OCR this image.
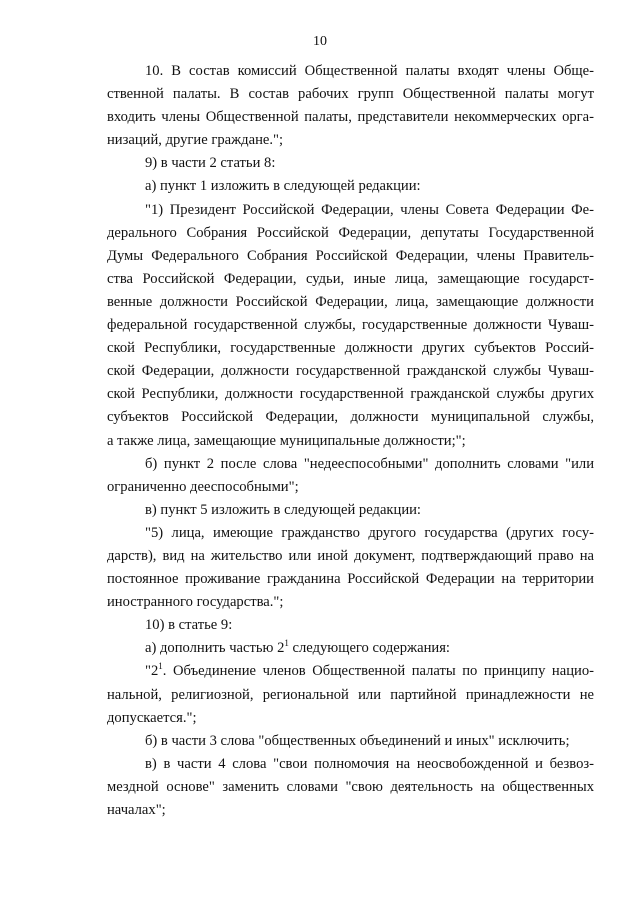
10
10. В состав комиссий Общественной палаты входят члены Обще-
ственной палаты. В состав рабочих групп Общественной палаты могут
входить члены Общественной палаты, представители некоммерческих орга-
низаций, другие граждане.";
9) в части 2 статьи 8:
а) пункт 1 изложить в следующей редакции:
"1) Президент Российской Федерации, члены Совета Федерации Фе-
дерального Собрания Российской Федерации, депутаты Государственной
Думы Федерального Собрания Российской Федерации, члены Правитель-
ства Российской Федерации, судьи, иные лица, замещающие государст-
венные должности Российской Федерации, лица, замещающие должности
федеральной государственной службы, государственные должности Чуваш-
ской Республики, государственные должности других субъектов Россий-
ской Федерации, должности государственной гражданской службы Чуваш-
ской Республики, должности государственной гражданской службы других
субъектов Российской Федерации, должности муниципальной службы,
а также лица, замещающие муниципальные должности;";
б) пункт 2 после слова "недееспособными" дополнить словами "или
ограниченно дееспособными";
в) пункт 5 изложить в следующей редакции:
"5) лица, имеющие гражданство другого государства (других госу-
дарств), вид на жительство или иной документ, подтверждающий право на
постоянное проживание гражданина Российской Федерации на территории
иностранного государства.";
10) в статье 9:
а) дополнить частью $2^1$ следующего содержания:
"$2^1$. Объединение членов Общественной палаты по принципу нацио-
нальной, религиозной, региональной или партийной принадлежности не
допускается.";
б) в части 3 слова "общественных объединений и иных" исключить;
в) в части 4 слова "свои полномочия на неосвобожденной и безвоз-
мездной основе" заменить словами "свою деятельность на общественных
началах";
